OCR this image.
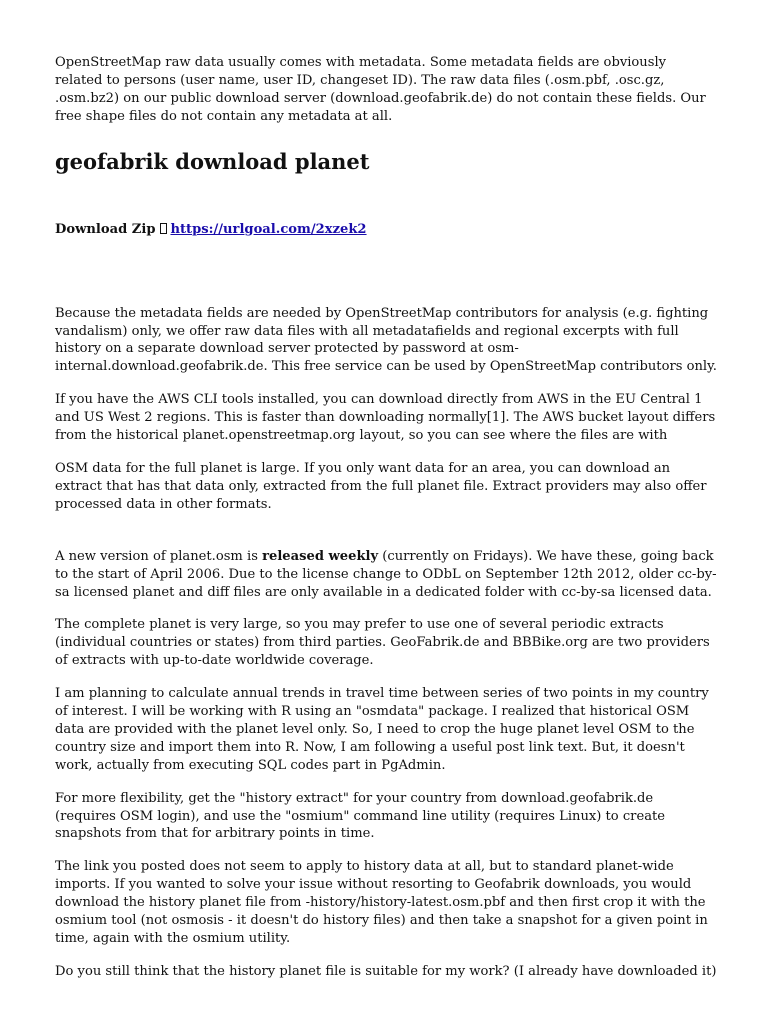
OpenStreetMap raw data usually comes with metadata. Some metadata fields are obviously related to persons (user name, user ID, changeset ID). The raw data files (.osm.pbf, .osc.gz, .osm.bz2) on our public download server (download.geofabrik.de) do not contain these fields. Our free shape files do not contain any metadata at all.

geofabrik download planet
Download Zip https://urlgoal.com/2xzek2

Because the metadata fields are needed by OpenStreetMap contributors for analysis (e.g. fighting vandalism) only, we offer raw data files with all metadatafields and regional excerpts with full history on a separate download server protected by password at osm-internal.download.geofabrik.de. This free service can be used by OpenStreetMap contributors only.

If you have the AWS CLI tools installed, you can download directly from AWS in the EU Central 1 and US West 2 regions. This is faster than downloading normally[1]. The AWS bucket layout differs from the historical planet.openstreetmap.org layout, so you can see where the files are with

OSM data for the full planet is large. If you only want data for an area, you can download an extract that has that data only, extracted from the full planet file. Extract providers may also offer processed data in other formats.

A new version of planet.osm is released weekly (currently on Fridays). We have these, going back to the start of April 2006. Due to the license change to ODbL on September 12th 2012, older cc-by-sa licensed planet and diff files are only available in a dedicated folder with cc-by-sa licensed data.

The complete planet is very large, so you may prefer to use one of several periodic extracts (individual countries or states) from third parties. GeoFabrik.de and BBBike.org are two providers of extracts with up-to-date worldwide coverage.

I am planning to calculate annual trends in travel time between series of two points in my country of interest. I will be working with R using an "osmdata" package. I realized that historical OSM data are provided with the planet level only. So, I need to crop the huge planet level OSM to the country size and import them into R. Now, I am following a useful post link text. But, it doesn't work, actually from executing SQL codes part in PgAdmin.

For more flexibility, get the "history extract" for your country from download.geofabrik.de (requires OSM login), and use the "osmium" command line utility (requires Linux) to create snapshots from that for arbitrary points in time.

The link you posted does not seem to apply to history data at all, but to standard planet-wide imports. If you wanted to solve your issue without resorting to Geofabrik downloads, you would download the history planet file from -history/history-latest.osm.pbf and then first crop it with the osmium tool (not osmosis - it doesn't do history files) and then take a snapshot for a given point in time, again with the osmium utility.

Do you still think that the history planet file is suitable for my work? (I already have downloaded it)
